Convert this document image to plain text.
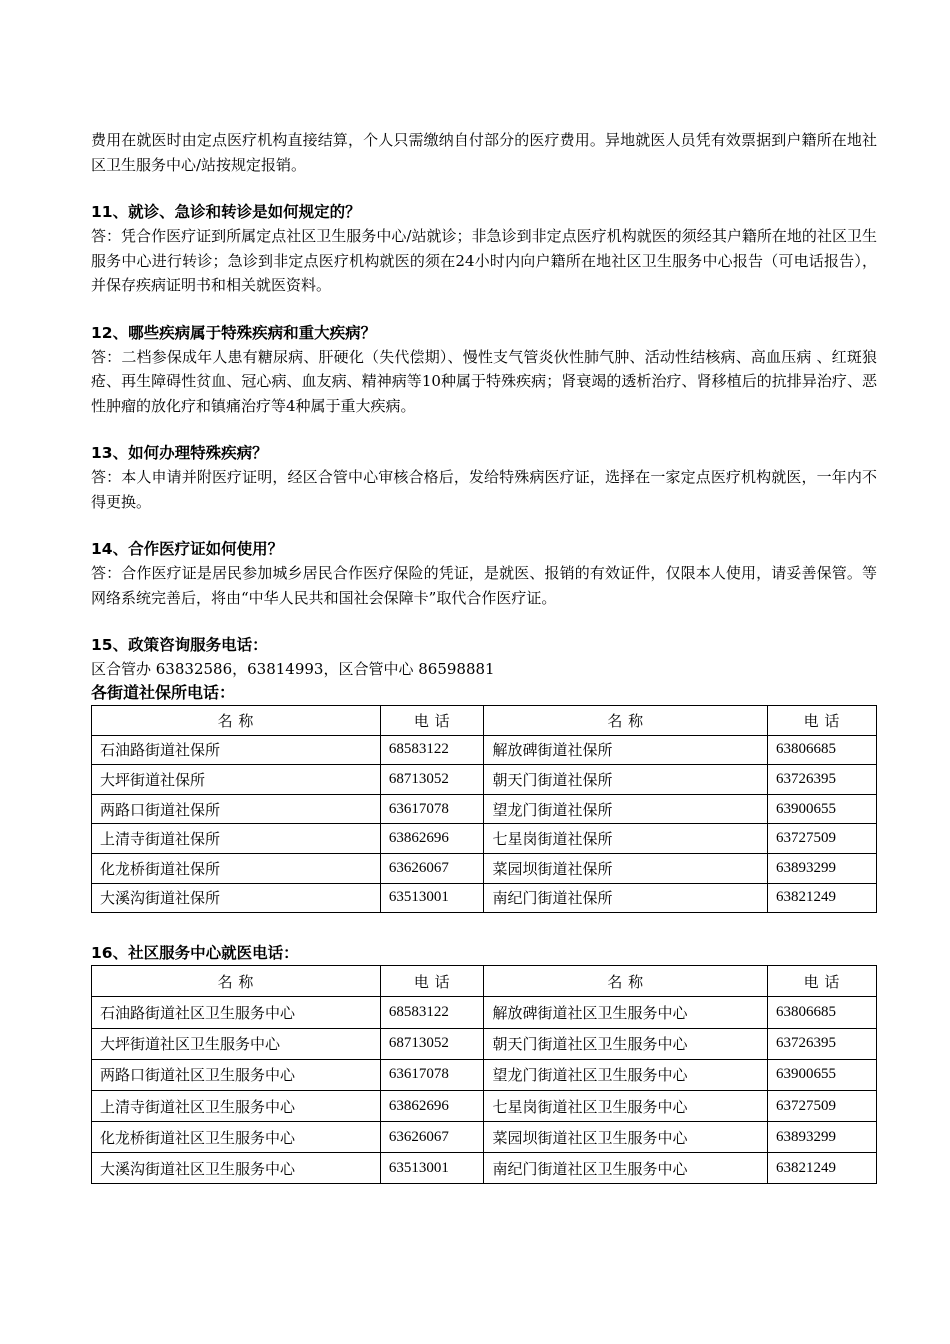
费用在就医时由定点医疗机构直接结算，个人只需缴纳自付部分的医疗费用。异地就医人员凭有效票据到户籍所在地社区卫生服务中心/站按规定报销。

11、就诊、急诊和转诊是如何规定的？

答：凭合作医疗证到所属定点社区卫生服务中心/站就诊；非急诊到非定点医疗机构就医的须经其户籍所在地的社区卫生服务中心进行转诊；急诊到非定点医疗机构就医的须在24小时内向户籍所在地社区卫生服务中心报告（可电话报告），并保存疾病证明书和相关就医资料。

12、哪些疾病属于特殊疾病和重大疾病？

答：二档参保成年人患有糖尿病、肝硬化（失代偿期）、慢性支气管炎伙性肺气肿、活动性结核病、高血压病 、红斑狼疮、再生障碍性贫血、冠心病、血友病、精神病等10种属于特殊疾病；肾衰竭的透析治疗、肾移植后的抗排异治疗、恶性肿瘤的放化疗和镇痛治疗等4种属于重大疾病。

13、如何办理特殊疾病？

答：本人申请并附医疗证明，经区合管中心审核合格后，发给特殊病医疗证，选择在一家定点医疗机构就医，一年内不得更换。

14、合作医疗证如何使用？

答：合作医疗证是居民参加城乡居民合作医疗保险的凭证，是就医、报销的有效证件，仅限本人使用，请妥善保管。等网络系统完善后，将由“中华人民共和国社会保障卡”取代合作医疗证。

15、政策咨询服务电话：

区合管办 63832586，63814993，区合管中心 86598881

各街道社保所电话：

名 称	电 话	名 称	电 话
石油路街道社保所	68583122	解放碑街道社保所	63806685
大坪街道社保所	68713052	朝天门街道社保所	63726395
两路口街道社保所	63617078	望龙门街道社保所	63900655
上清寺街道社保所	63862696	七星岗街道社保所	63727509
化龙桥街道社保所	63626067	菜园坝街道社保所	63893299
大溪沟街道社保所	63513001	南纪门街道社保所	63821249

16、社区服务中心就医电话：

名 称	电 话	名 称	电 话
石油路街道社区卫生服务中心	68583122	解放碑街道社区卫生服务中心	63806685
大坪街道社区卫生服务中心	68713052	朝天门街道社区卫生服务中心	63726395
两路口街道社区卫生服务中心	63617078	望龙门街道社区卫生服务中心	63900655
上清寺街道社区卫生服务中心	63862696	七星岗街道社区卫生服务中心	63727509
化龙桥街道社区卫生服务中心	63626067	菜园坝街道社区卫生服务中心	63893299
大溪沟街道社区卫生服务中心	63513001	南纪门街道社区卫生服务中心	63821249
